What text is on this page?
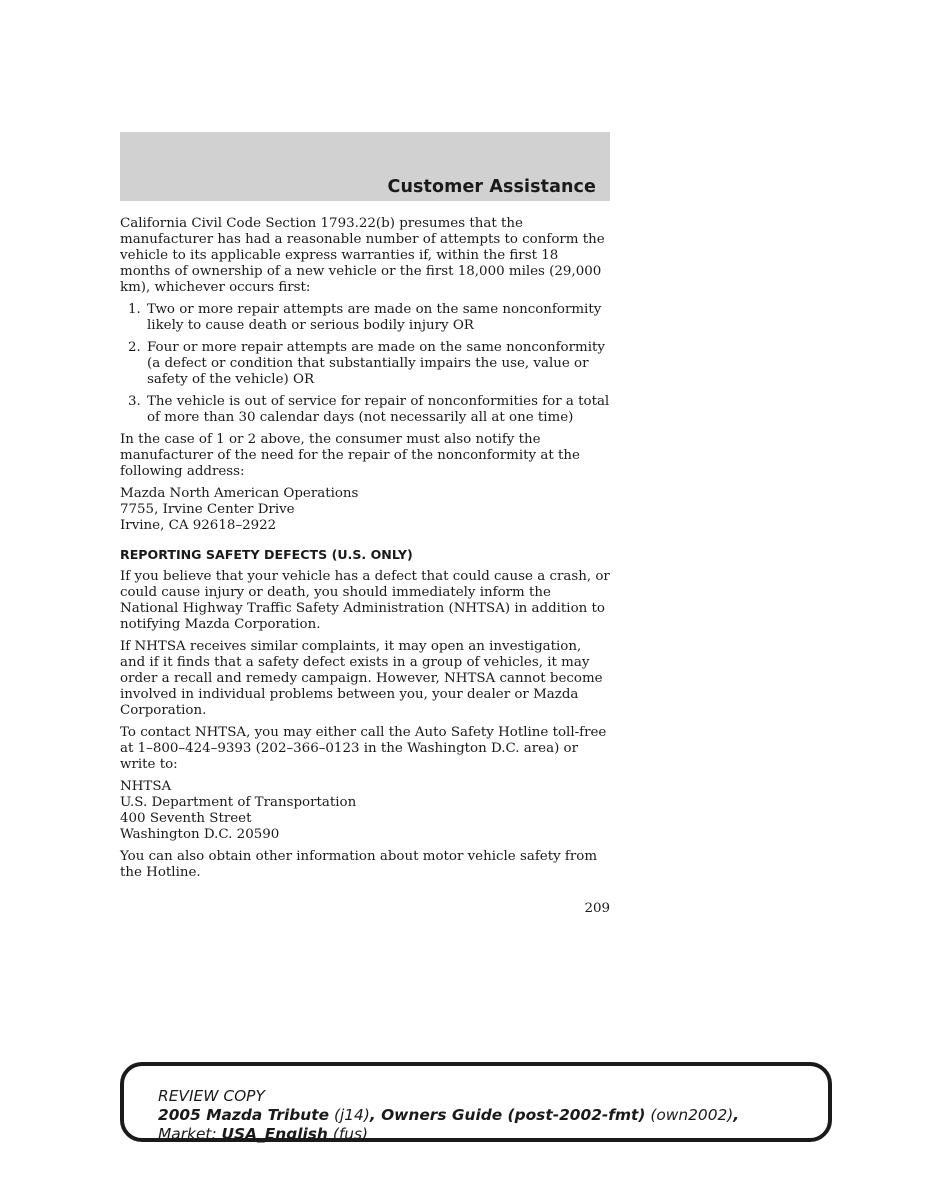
Customer Assistance

California Civil Code Section 1793.22(b) presumes that the manufacturer has had a reasonable number of attempts to conform the vehicle to its applicable express warranties if, within the first 18 months of ownership of a new vehicle or the first 18,000 miles (29,000 km), whichever occurs first:

1. Two or more repair attempts are made on the same nonconformity likely to cause death or serious bodily injury OR
2. Four or more repair attempts are made on the same nonconformity (a defect or condition that substantially impairs the use, value or safety of the vehicle) OR
3. The vehicle is out of service for repair of nonconformities for a total of more than 30 calendar days (not necessarily all at one time)

In the case of 1 or 2 above, the consumer must also notify the manufacturer of the need for the repair of the nonconformity at the following address:

Mazda North American Operations
7755, Irvine Center Drive
Irvine, CA 92618–2922
REPORTING SAFETY DEFECTS (U.S. ONLY)

If you believe that your vehicle has a defect that could cause a crash, or could cause injury or death, you should immediately inform the National Highway Traffic Safety Administration (NHTSA) in addition to notifying Mazda Corporation.

If NHTSA receives similar complaints, it may open an investigation, and if it finds that a safety defect exists in a group of vehicles, it may order a recall and remedy campaign. However, NHTSA cannot become involved in individual problems between you, your dealer or Mazda Corporation.

To contact NHTSA, you may either call the Auto Safety Hotline toll-free at 1–800–424–9393 (202–366–0123 in the Washington D.C. area) or write to:

NHTSA
U.S. Department of Transportation
400 Seventh Street
Washington D.C. 20590

You can also obtain other information about motor vehicle safety from the Hotline.

209
REVIEW COPY
2005 Mazda Tribute (j14), Owners Guide (post-2002-fmt) (own2002),
Market: USA_English (fus)
